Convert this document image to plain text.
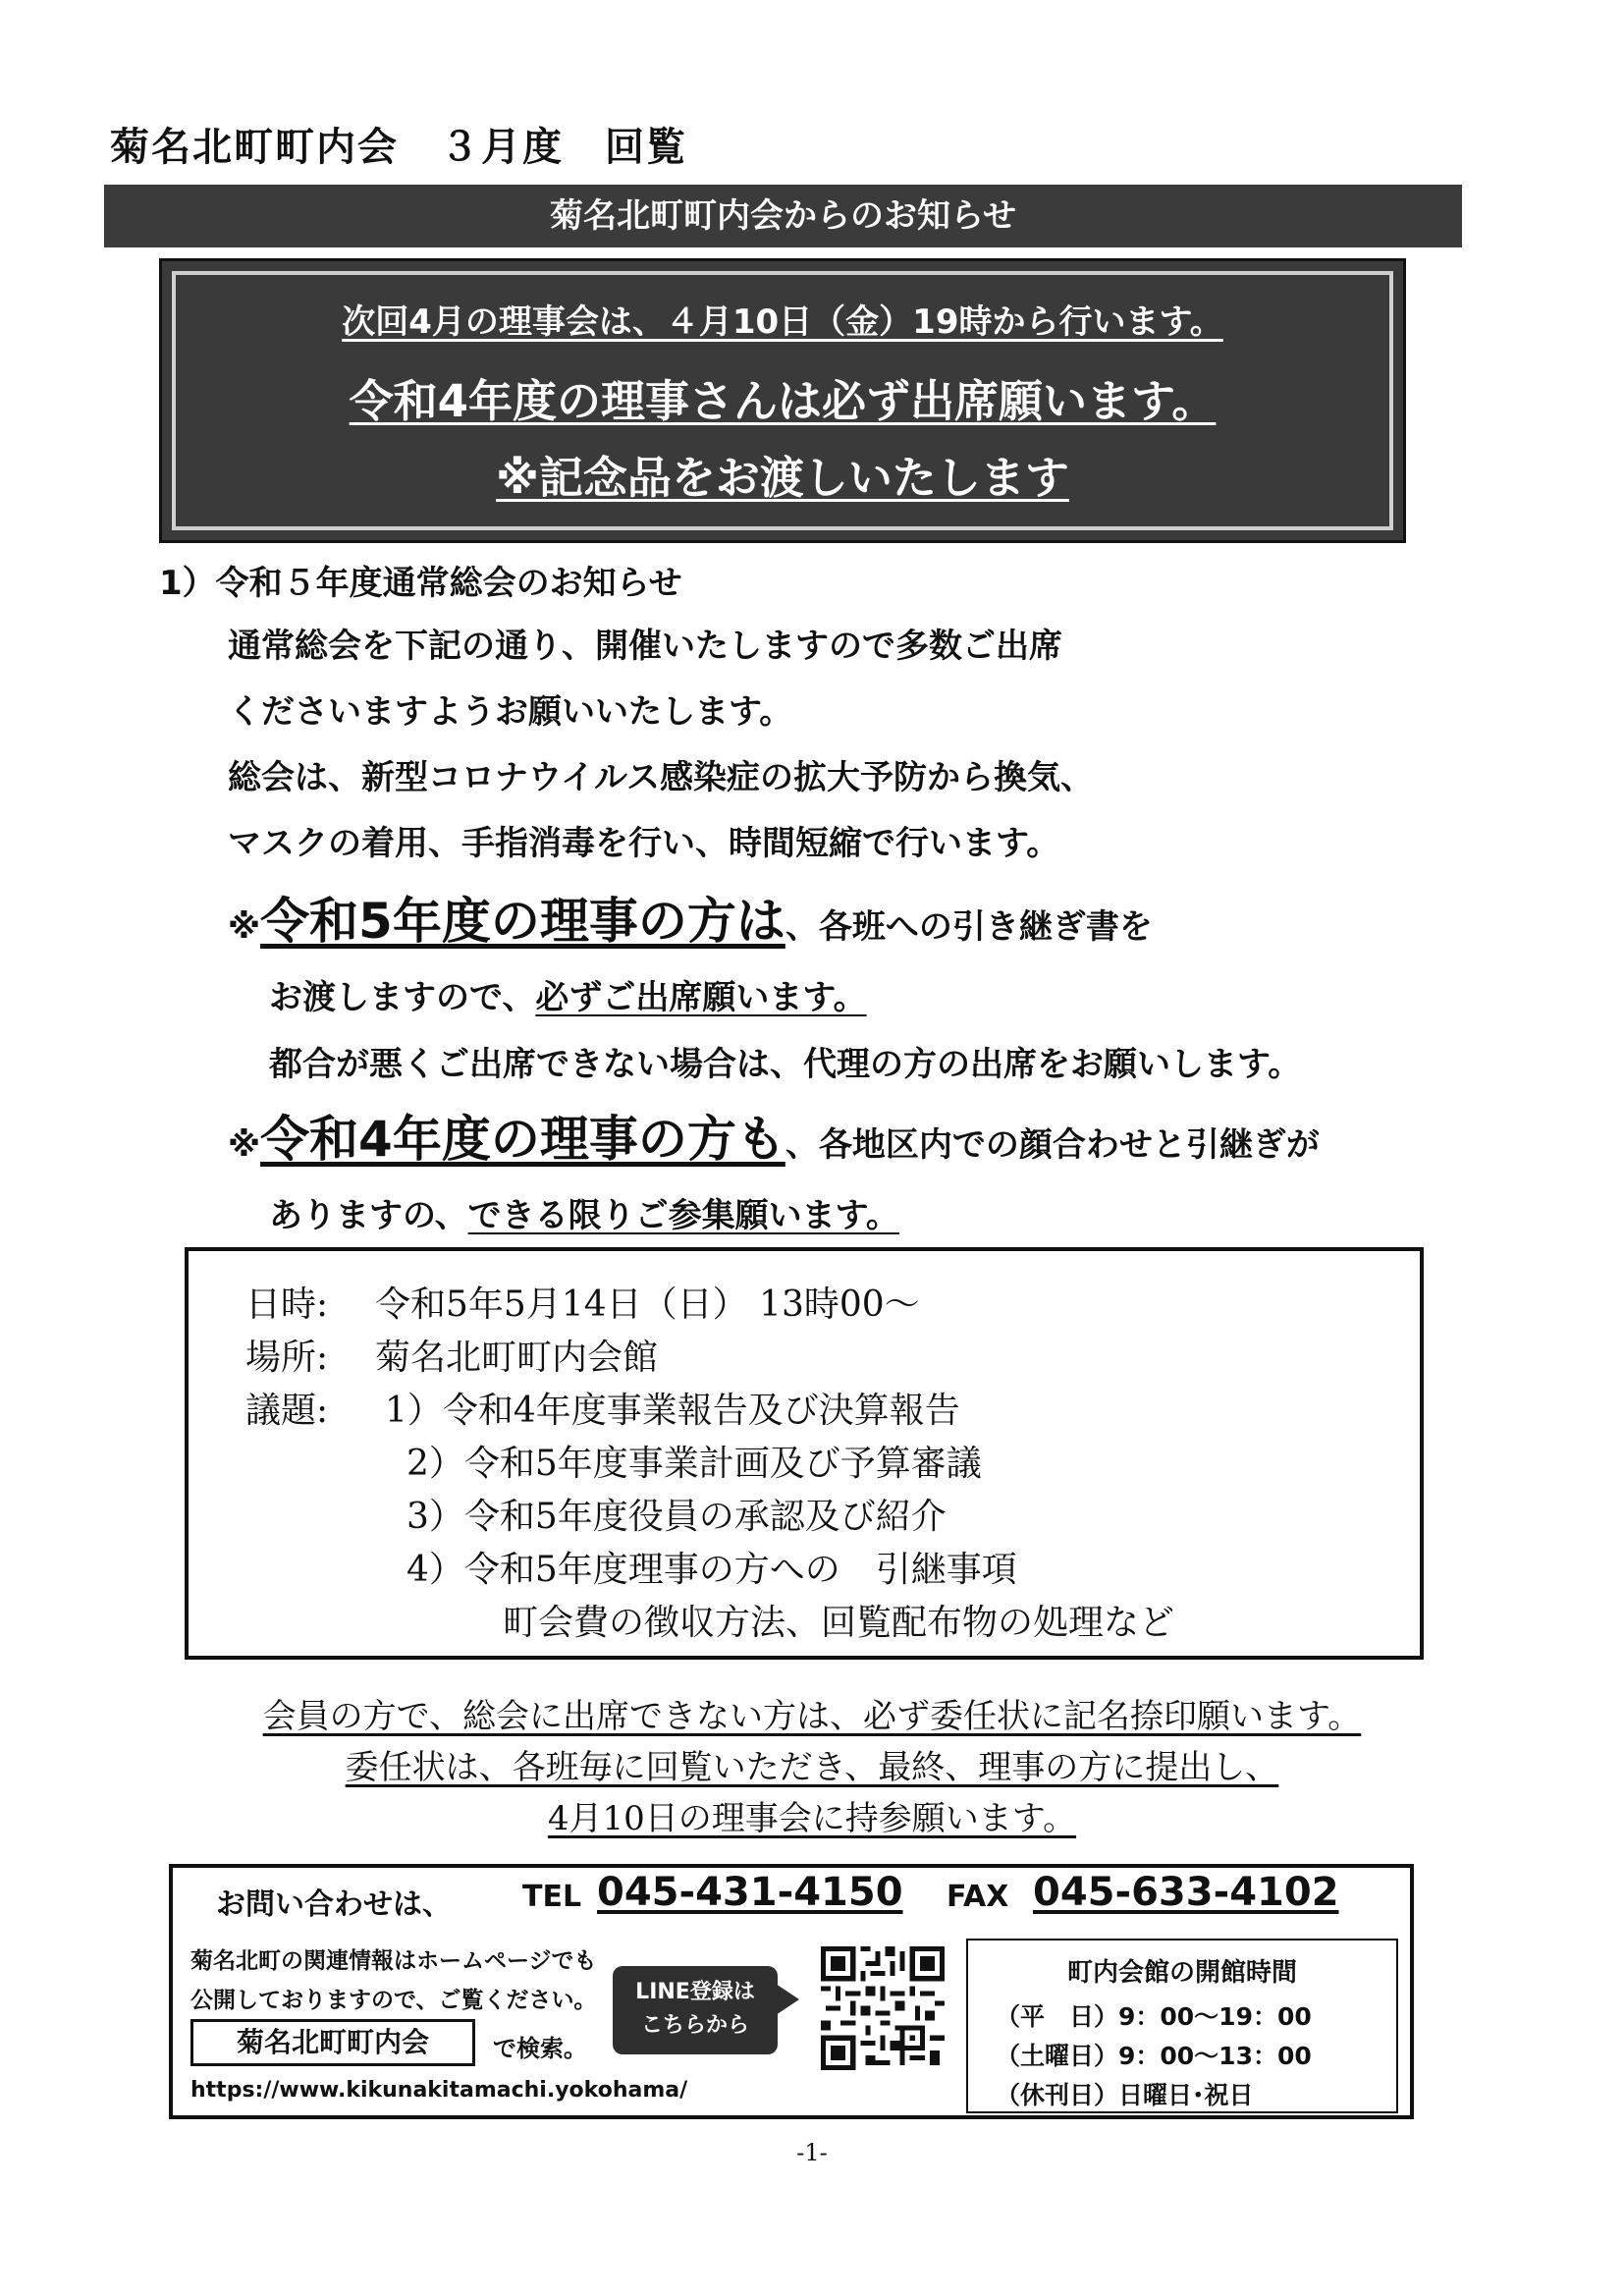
菊名北町町内会　３月度　回覧
菊名北町町内会からのお知らせ
次回4月の理事会は、４月10日（金）19時から行います。
令和4年度の理事さんは必ず出席願います。
※記念品をお渡しいたします
1）令和５年度通常総会のお知らせ
通常総会を下記の通り、開催いたしますので多数ご出席
くださいますようお願いいたします。
総会は、新型コロナウイルス感染症の拡大予防から換気、
マスクの着用、手指消毒を行い、時間短縮で行います。
※令和5年度の理事の方は、各班への引き継ぎ書を
お渡しますので、必ずご出席願います。
都合が悪くご出席できない場合は、代理の方の出席をお願いします。
※令和4年度の理事の方も、各地区内での顔合わせと引継ぎが
ありますの、できる限りご参集願います。
日時: 令和5年5月14日（日） 13時00～
場所: 菊名北町町内会館
議題: 1）令和4年度事業報告及び決算報告
2）令和5年度事業計画及び予算審議
3）令和5年度役員の承認及び紹介
4）令和5年度理事の方への　引継事項
町会費の徴収方法、回覧配布物の処理など
会員の方で、総会に出席できない方は、必ず委任状に記名捺印願います。
委任状は、各班毎に回覧いただき、最終、理事の方に提出し、
4月10日の理事会に持参願います。
お問い合わせは、 TEL 045-431-4150 FAX 045-633-4102
菊名北町の関連情報はホームページでも
公開しておりますので、ご覧ください。
菊名北町町内会	で検索。
https://www.kikunakitamachi.yokohama/
LINE登録は
こちらから
町内会館の開館時間
（平　日）9：00～19：00
（土曜日）9：00～13：00
（休刊日）日曜日･祝日
-1-
